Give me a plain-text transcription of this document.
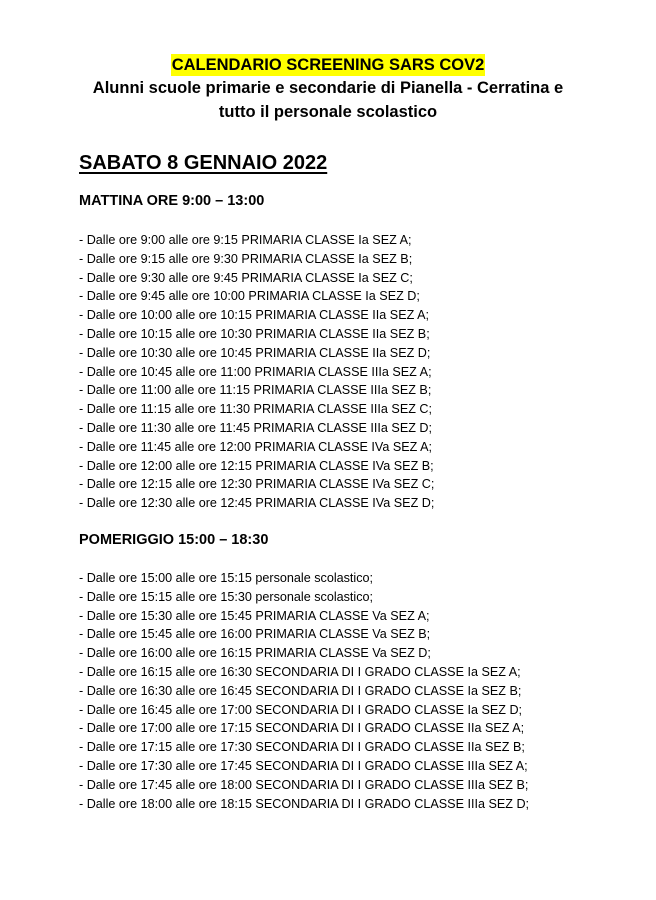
CALENDARIO SCREENING SARS COV2
Alunni scuole primarie e secondarie di Pianella - Cerratina e
tutto il personale scolastico
SABATO 8 GENNAIO 2022
MATTINA ORE 9:00 – 13:00
- Dalle ore 9:00 alle ore 9:15 PRIMARIA CLASSE Ia SEZ A;
- Dalle ore 9:15 alle ore 9:30 PRIMARIA CLASSE Ia SEZ B;
- Dalle ore 9:30 alle ore 9:45 PRIMARIA CLASSE Ia SEZ C;
- Dalle ore 9:45 alle ore 10:00 PRIMARIA CLASSE Ia SEZ D;
- Dalle ore 10:00 alle ore 10:15 PRIMARIA CLASSE IIa SEZ A;
- Dalle ore 10:15 alle ore 10:30 PRIMARIA CLASSE IIa SEZ B;
- Dalle ore 10:30 alle ore 10:45 PRIMARIA CLASSE IIa SEZ D;
- Dalle ore 10:45 alle ore 11:00 PRIMARIA CLASSE IIIa SEZ A;
- Dalle ore 11:00 alle ore 11:15 PRIMARIA CLASSE IIIa SEZ B;
- Dalle ore 11:15 alle ore 11:30 PRIMARIA CLASSE IIIa SEZ C;
- Dalle ore 11:30 alle ore 11:45 PRIMARIA CLASSE IIIa SEZ D;
- Dalle ore 11:45 alle ore 12:00 PRIMARIA CLASSE IVa SEZ A;
- Dalle ore 12:00 alle ore 12:15 PRIMARIA CLASSE IVa SEZ B;
- Dalle ore 12:15 alle ore 12:30 PRIMARIA CLASSE IVa SEZ C;
- Dalle ore 12:30 alle ore 12:45 PRIMARIA CLASSE IVa SEZ D;
POMERIGGIO 15:00 – 18:30
- Dalle ore 15:00 alle ore 15:15 personale scolastico;
- Dalle ore 15:15 alle ore 15:30 personale scolastico;
- Dalle ore 15:30 alle ore 15:45 PRIMARIA CLASSE Va SEZ A;
- Dalle ore 15:45 alle ore 16:00 PRIMARIA CLASSE Va SEZ B;
- Dalle ore 16:00 alle ore 16:15 PRIMARIA CLASSE Va SEZ D;
- Dalle ore 16:15 alle ore 16:30 SECONDARIA DI I GRADO CLASSE Ia SEZ A;
- Dalle ore 16:30 alle ore 16:45 SECONDARIA DI I GRADO CLASSE Ia SEZ B;
- Dalle ore 16:45 alle ore 17:00 SECONDARIA DI I GRADO CLASSE Ia SEZ D;
- Dalle ore 17:00 alle ore 17:15 SECONDARIA DI I GRADO CLASSE IIa SEZ A;
- Dalle ore 17:15 alle ore 17:30 SECONDARIA DI I GRADO CLASSE IIa SEZ B;
- Dalle ore 17:30 alle ore 17:45 SECONDARIA DI I GRADO CLASSE IIIa SEZ A;
- Dalle ore 17:45 alle ore 18:00 SECONDARIA DI I GRADO CLASSE IIIa SEZ B;
- Dalle ore 18:00 alle ore 18:15 SECONDARIA DI I GRADO CLASSE IIIa SEZ D;
